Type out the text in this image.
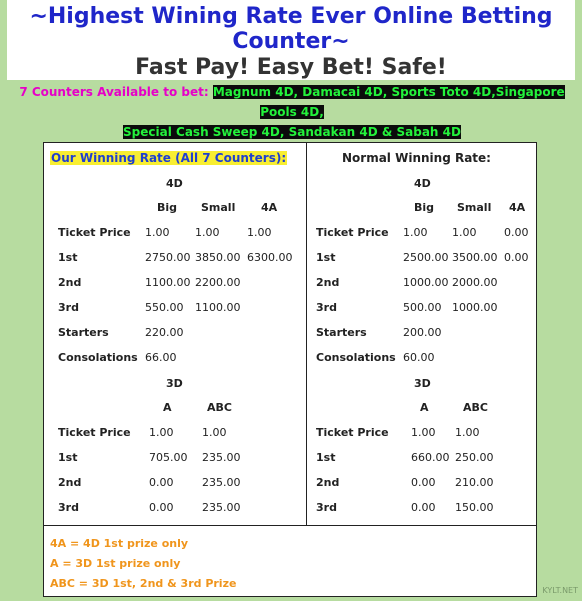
~Highest Wining Rate Ever Online Betting Counter~

Fast Pay! Easy Bet! Safe!

7 Counters Available to bet: Magnum 4D, Damacai 4D, Sports Toto 4D,Singapore Pools 4D,
Special Cash Sweep 4D, Sandakan 4D & Sabah 4D
Our Winning Rate (All 7 Counters):
4D
Big Small 4A
Ticket Price 1.00 1.00	1.00
1st	2750.00 3850.00 6300.00
2nd	1100.00 2200.00
3rd	550.00 1100.00
Starters	220.00
Consolations 66.00
3D
A	ABC
Ticket Price 1.00	1.00
1st	705.00 235.00
2nd	0.00	235.00
3rd	0.00	235.00
Normal Winning Rate:
4D
Big Small 4A
Ticket Price 1.00 1.00	0.00
1st	2500.00 3500.00 0.00
2nd	1000.00 2000.00
3rd	500.00 1000.00
Starters	200.00
Consolations 60.00
3D
A	ABC
Ticket Price 1.00 1.00
1st	660.00 250.00
2nd	0.00 210.00
3rd	0.00 150.00
4A = 4D 1st prize only
A = 3D 1st prize only
ABC = 3D 1st, 2nd & 3rd Prize
KYLT.NET
